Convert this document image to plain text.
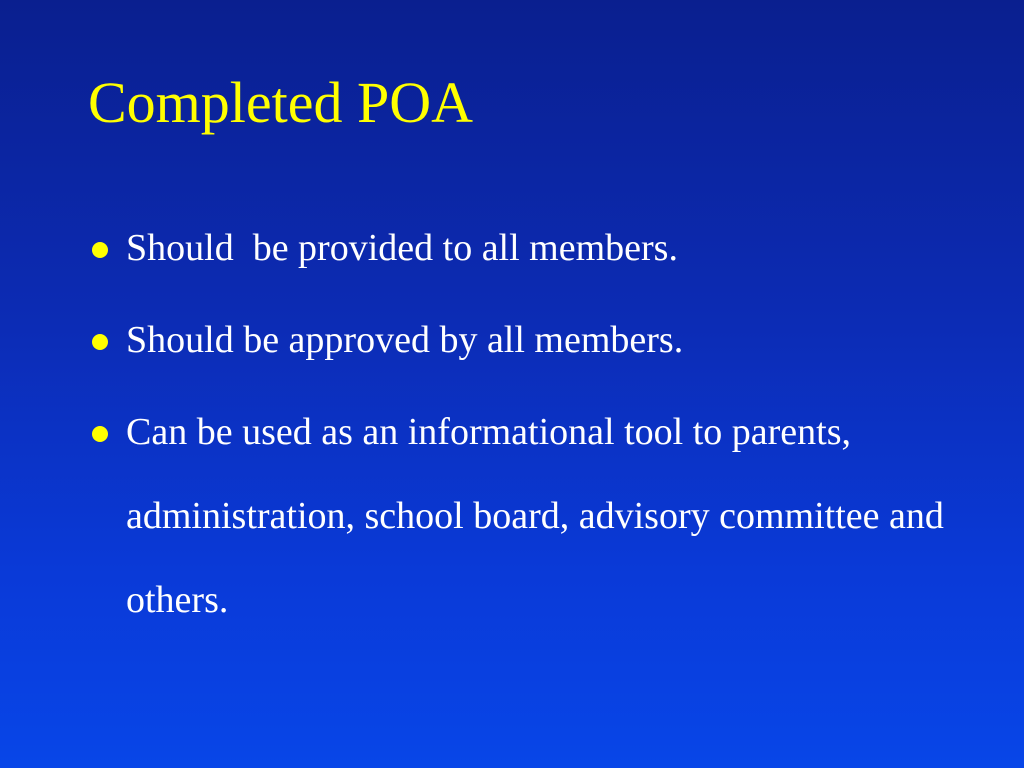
Completed POA
Should  be provided to all members.
Should be approved by all members.
Can be used as an informational tool to parents, administration, school board, advisory committee and others.
